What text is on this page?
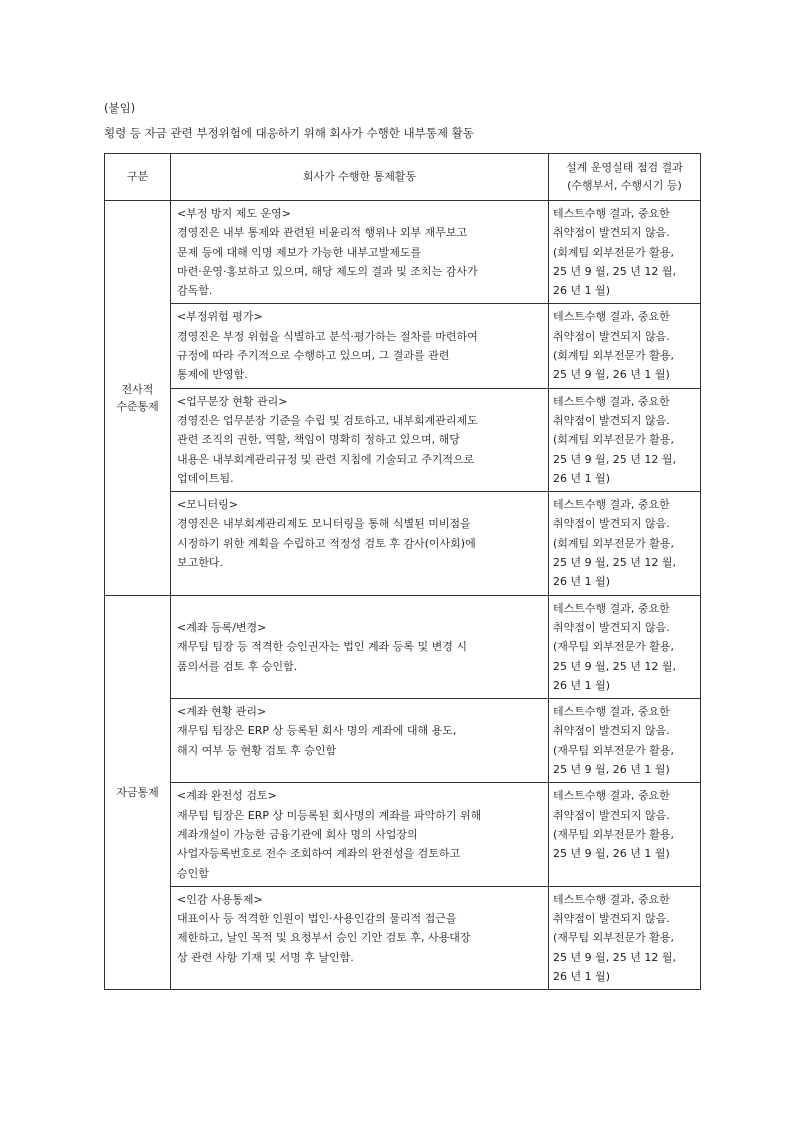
(붙임)
횡령 등 자금 관련 부정위험에 대응하기 위해 회사가 수행한 내부통제 활동
구분	회사가 수행한 통제활동	설계 운영실태 점검 결과
(수행부서, 수행시기 등)

전사적
수준통제	<부정 방지 제도 운영>
경영진은 내부 통제와 관련된 비윤리적 행위나 외부 재무보고
문제 등에 대해 익명 제보가 가능한 내부고발제도를
마련·운영·홍보하고 있으며, 해당 제도의 결과 및 조치는 감사가
감독함.	테스트수행 결과, 중요한
취약점이 발견되지 않음.
(회계팀 외부전문가 활용,
25 년 9 월, 25 년 12 월,
26 년 1 월)

	<부정위험 평가>
경영진은 부정 위험을 식별하고 분석·평가하는 절차를 마련하여
규정에 따라 주기적으로 수행하고 있으며, 그 결과를 관련
통제에 반영함.	테스트수행 결과, 중요한
취약점이 발견되지 않음.
(회계팀 외부전문가 활용,
25 년 9 월, 26 년 1 월)

	<업무분장 현황 관리>
경영진은 업무분장 기준을 수립 및 검토하고, 내부회계관리제도
관련 조직의 권한, 역할, 책임이 명확히 정하고 있으며, 해당
내용은 내부회계관리규정 및 관련 지침에 기술되고 주기적으로
업데이트됨.	테스트수행 결과, 중요한
취약점이 발견되지 않음.
(회계팀 외부전문가 활용,
25 년 9 월, 25 년 12 월,
26 년 1 월)

	<모니터링>
경영진은 내부회계관리제도 모니터링을 통해 식별된 미비점을
시정하기 위한 계획을 수립하고 적정성 검토 후 감사(이사회)에
보고한다.	테스트수행 결과, 중요한
취약점이 발견되지 않음.
(회계팀 외부전문가 활용,
25 년 9 월, 25 년 12 월,
26 년 1 월)

자금통제	<계좌 등록/변경>
재무팀 팀장 등 적격한 승인권자는 법인 계좌 등록 및 변경 시
품의서를 검토 후 승인함.	테스트수행 결과, 중요한
취약점이 발견되지 않음.
(재무팀 외부전문가 활용,
25 년 9 월, 25 년 12 월,
26 년 1 월)

	<계좌 현황 관리>
재무팀 팀장은 ERP 상 등록된 회사 명의 계좌에 대해 용도,
해지 여부 등 현황 검토 후 승인함	테스트수행 결과, 중요한
취약점이 발견되지 않음.
(재무팀 외부전문가 활용,
25 년 9 월, 26 년 1 월)

	<계좌 완전성 검토>
재무팀 팀장은 ERP 상 미등록된 회사명의 계좌를 파악하기 위해
계좌개설이 가능한 금융기관에 회사 명의 사업장의
사업자등록번호로 전수 조회하여 계좌의 완전성을 검토하고
승인함	테스트수행 결과, 중요한
취약점이 발견되지 않음.
(재무팀 외부전문가 활용,
25 년 9 월, 26 년 1 월)

	<인감 사용통제>
대표이사 등 적격한 인원이 법인·사용인감의 물리적 접근을
제한하고, 날인 목적 및 요청부서 승인 기안 검토 후, 사용대장
상 관련 사항 기재 및 서명 후 날인함.	테스트수행 결과, 중요한
취약점이 발견되지 않음.
(재무팀 외부전문가 활용,
25 년 9 월, 25 년 12 월,
26 년 1 월)
